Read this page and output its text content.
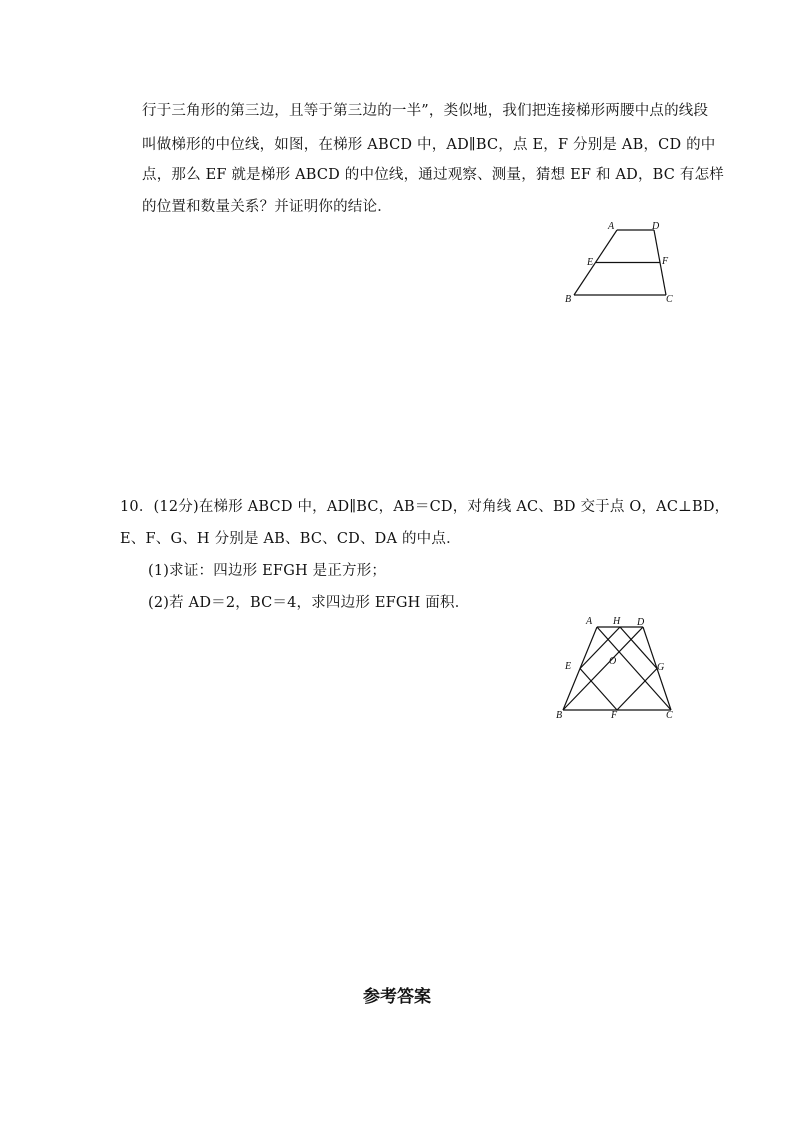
行于三角形的第三边，且等于第三边的一半”，类似地，我们把连接梯形两腰中点的线段
叫做梯形的中位线，如图，在梯形 ABCD 中，AD∥BC，点 E，F 分别是 AB，CD 的中
点，那么 EF 就是梯形 ABCD 的中位线，通过观察、测量，猜想 EF 和 AD，BC 有怎样
的位置和数量关系？并证明你的结论．
A	D
E	F
B	C
10．(12分)在梯形 ABCD 中，AD∥BC，AB＝CD，对角线 AC、BD 交于点 O，AC⊥BD，
E、F、G、H 分别是 AB、BC、CD、DA 的中点．
(1)求证：四边形 EFGH 是正方形；
(2)若 AD＝2，BC＝4，求四边形 EFGH 面积．
A H D
E	O
G
B	F	C
参考答案
